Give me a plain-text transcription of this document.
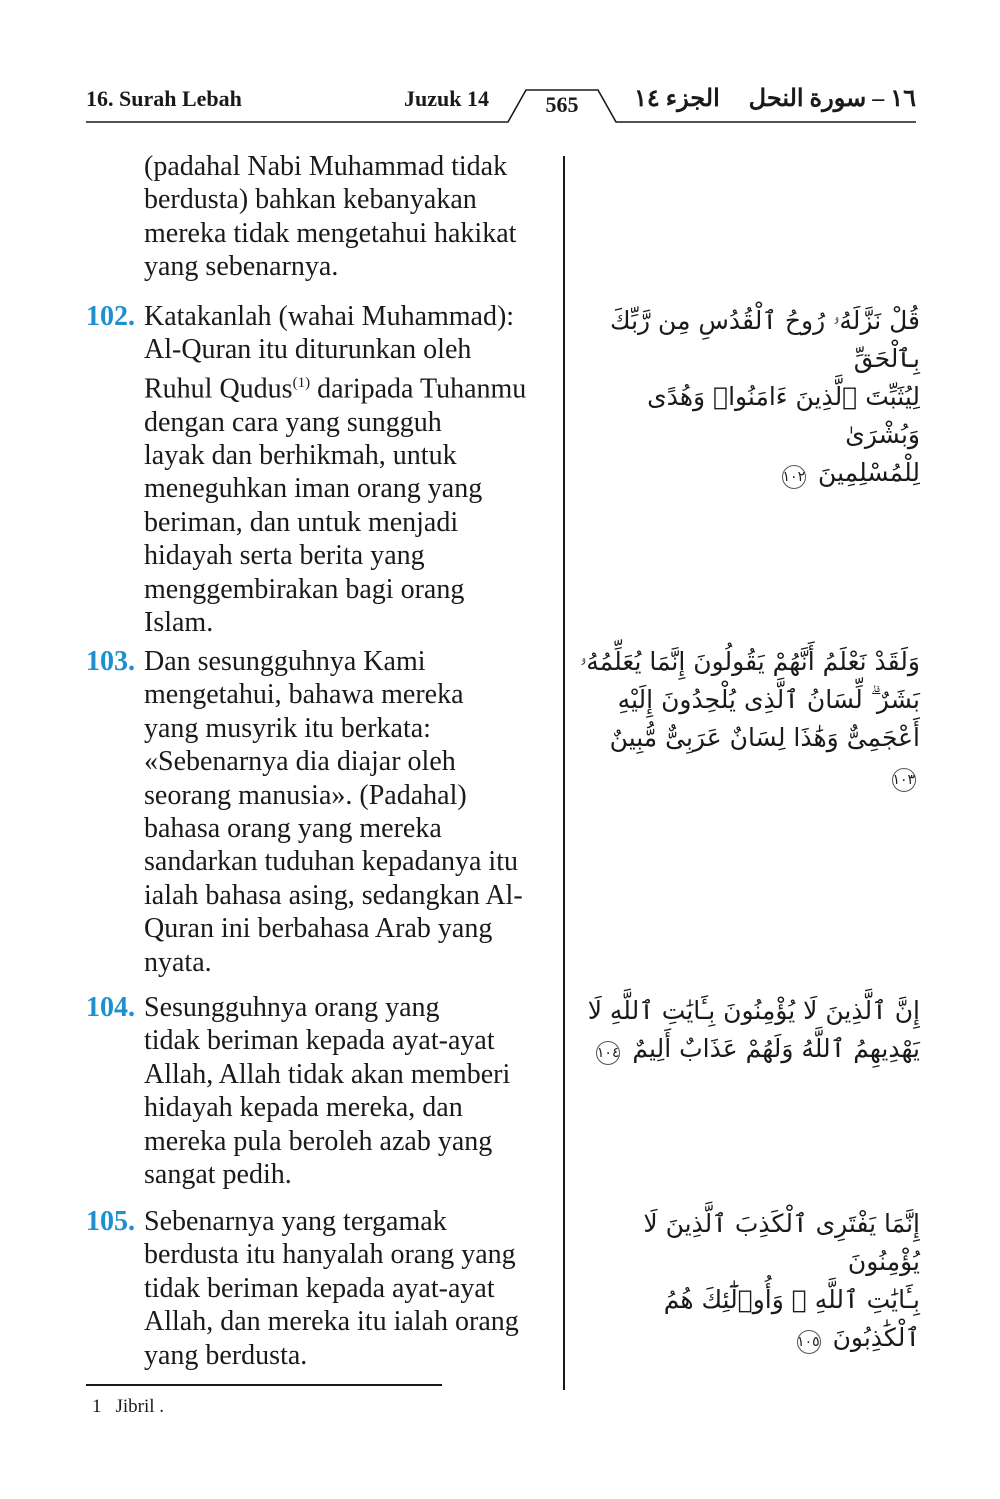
16. Surah Lebah	Juzuk 14	565	الجزء ١٤ ١٦ – سورة النحل
(padahal Nabi Muhammad tidak
berdusta) bahkan kebanyakan
mereka tidak mengetahui hakikat
yang sebenarnya.
102. Katakanlah (wahai Muhammad):
Al-Quran itu diturunkan oleh
Ruhul Qudus$^{(1)}$ daripada Tuhanmu
dengan cara yang sungguh
layak dan berhikmah, untuk
meneguhkan iman orang yang
beriman, dan untuk menjadi
hidayah serta berita yang
menggembirakan bagi orang
Islam.
قُلْ نَزَّلَهُۥ رُوحُ ٱلْقُدُسِ مِن رَّبِّكَ بِٱلْحَقِّ
لِيُثَبِّتَ ٱلَّذِينَ ءَامَنُوا۟ وَهُدًى وَبُشْرَىٰ
لِلْمُسْلِمِينَ ١٠٢
103. Dan sesungguhnya Kami
mengetahui, bahawa mereka
yang musyrik itu berkata:
«Sebenarnya dia diajar oleh
seorang manusia». (Padahal)
bahasa orang yang mereka
sandarkan tuduhan kepadanya itu
ialah bahasa asing, sedangkan Al-
Quran ini berbahasa Arab yang
nyata.
وَلَقَدْ نَعْلَمُ أَنَّهُمْ يَقُولُونَ إِنَّمَا يُعَلِّمُهُۥ
بَشَرٌ ۗ لِّسَانُ ٱلَّذِى يُلْحِدُونَ إِلَيْهِ
أَعْجَمِىٌّ وَهَٰذَا لِسَانٌ عَرَبِىٌّ مُّبِينٌ ١٠٣
104. Sesungguhnya orang yang
tidak beriman kepada ayat-ayat
Allah, Allah tidak akan memberi
hidayah kepada mereka, dan
mereka pula beroleh azab yang
sangat pedih.
إِنَّ ٱلَّذِينَ لَا يُؤْمِنُونَ بِـَٔايَٰتِ ٱللَّهِ لَا
يَهْدِيهِمُ ٱللَّهُ وَلَهُمْ عَذَابٌ أَلِيمٌ ١٠٤
105. Sebenarnya yang tergamak
berdusta itu hanyalah orang yang
tidak beriman kepada ayat-ayat
Allah, dan mereka itu ialah orang
yang berdusta.
إِنَّمَا يَفْتَرِى ٱلْكَذِبَ ٱلَّذِينَ لَا يُؤْمِنُونَ
بِـَٔايَٰتِ ٱللَّهِ ۖ وَأُو۟لَٰٓئِكَ هُمُ ٱلْكَٰذِبُونَ ١٠٥
1 Jibril .
